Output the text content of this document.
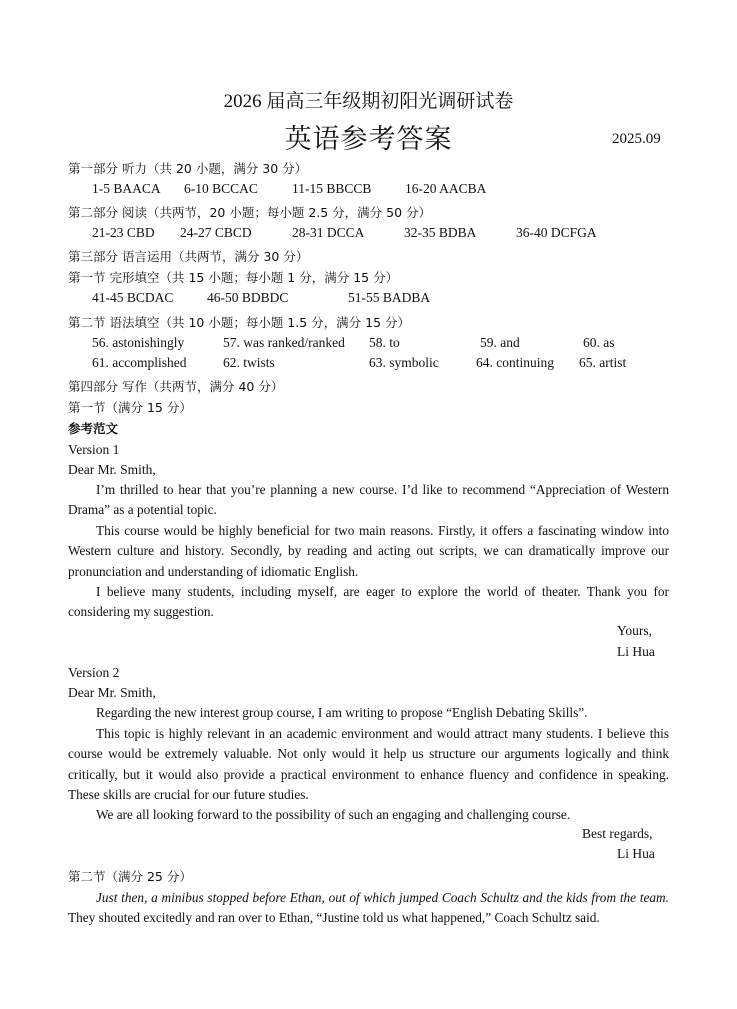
2026 届高三年级期初阳光调研试卷
英语参考答案	2025.09
第一部分 听力（共 20 小题，满分 30 分）
1-5 BAACA 6-10 BCCAC	11-15 BBCCB 16-20 AACBA
第二部分 阅读（共两节，20 小题；每小题 2.5 分，满分 50 分）
21-23 CBD 24-27 CBCD	28-31 DCCA	32-35 BDBA	36-40 DCFGA
第三部分 语言运用（共两节，满分 30 分）
第一节 完形填空（共 15 小题；每小题 1 分，满分 15 分）
41-45 BCDAC 46-50 BDBDC	51-55 BADBA
第二节 语法填空（共 10 小题；每小题 1.5 分，满分 15 分）
56. astonishingly	57. was ranked/ranked 58. to	59. and	60. as
61. accomplished	62. twists	63. symbolic	64. continuing 65. artist
第四部分 写作（共两节，满分 40 分）
第一节（满分 15 分）
参考范文
Version 1
Dear Mr. Smith,
I’m thrilled to hear that you’re planning a new course. I’d like to recommend “Appreciation of Western Drama” as a potential topic.
This course would be highly beneficial for two main reasons. Firstly, it offers a fascinating window into Western culture and history. Secondly, by reading and acting out scripts, we can dramatically improve our pronunciation and understanding of idiomatic English.
I believe many students, including myself, are eager to explore the world of theater. Thank you for considering my suggestion.
Yours,
Li Hua
Version 2
Dear Mr. Smith,
Regarding the new interest group course, I am writing to propose “English Debating Skills”.
This topic is highly relevant in an academic environment and would attract many students. I believe this course would be extremely valuable. Not only would it help us structure our arguments logically and think critically, but it would also provide a practical environment to enhance fluency and confidence in speaking. These skills are crucial for our future studies.
We are all looking forward to the possibility of such an engaging and challenging course.
Best regards,
Li Hua
第二节（满分 25 分）
Just then, a minibus stopped before Ethan, out of which jumped Coach Schultz and the kids from the team. They shouted excitedly and ran over to Ethan, “Justine told us what happened,” Coach Schultz said.
